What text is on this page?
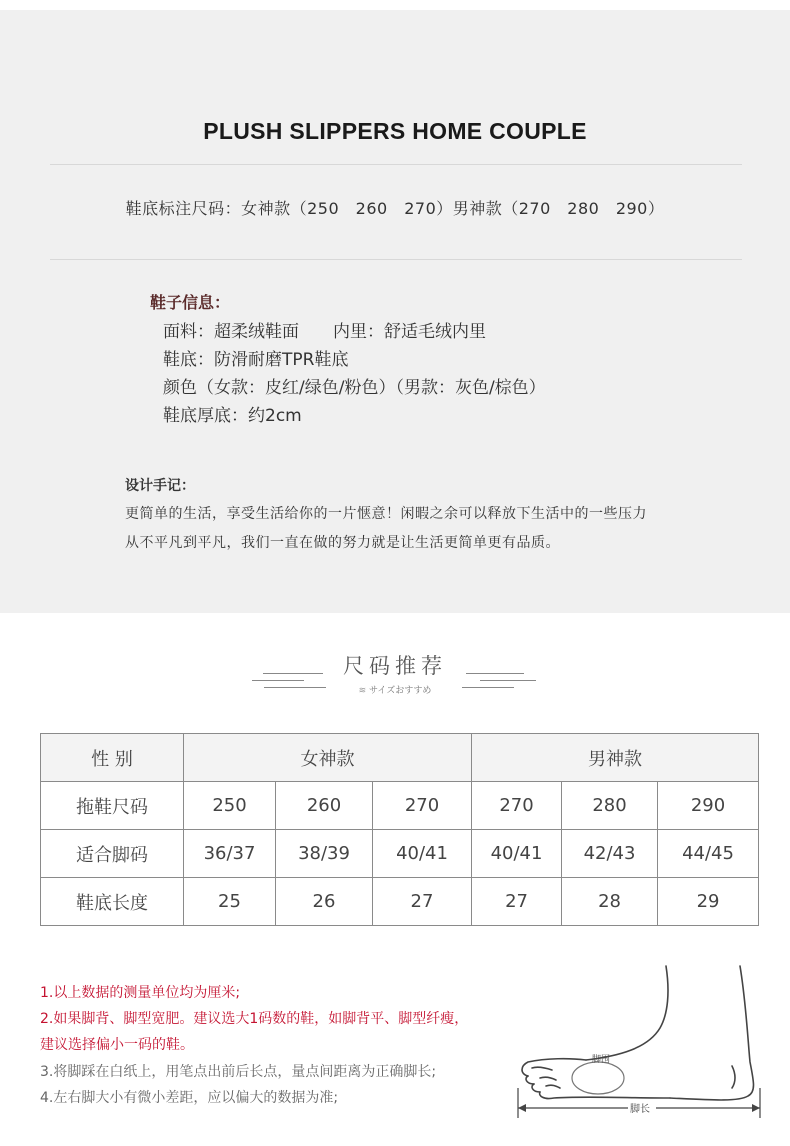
PLUSH SLIPPERS HOME COUPLE
鞋底标注尺码：女神款（250　260　270）男神款（270　280　290）
鞋子信息：
面料：超柔绒鞋面　　内里：舒适毛绒内里
鞋底：防滑耐磨TPR鞋底
颜色（女款：皮红/绿色/粉色）（男款：灰色/棕色）
鞋底厚底：约2cm
设计手记：
更简单的生活，享受生活给你的一片惬意！闲暇之余可以释放下生活中的一些压力
从不平凡到平凡，我们一直在做的努力就是让生活更简单更有品质。
尺码推荐
≋ サイズおすすめ
性 别	女神款			男神款		
拖鞋尺码	250	260	270	270	280	290
适合脚码	36/37	38/39	40/41	40/41	42/43	44/45
鞋底长度	25	26	27	27	28	29
1.以上数据的测量单位均为厘米;
2.如果脚背、脚型宽肥。建议选大1码数的鞋，如脚背平、脚型纤瘦，
建议选择偏小一码的鞋。
3.将脚踩在白纸上，用笔点出前后长点，量点间距离为正确脚长;
4.左右脚大小有微小差距，应以偏大的数据为准;
脚围
脚长
